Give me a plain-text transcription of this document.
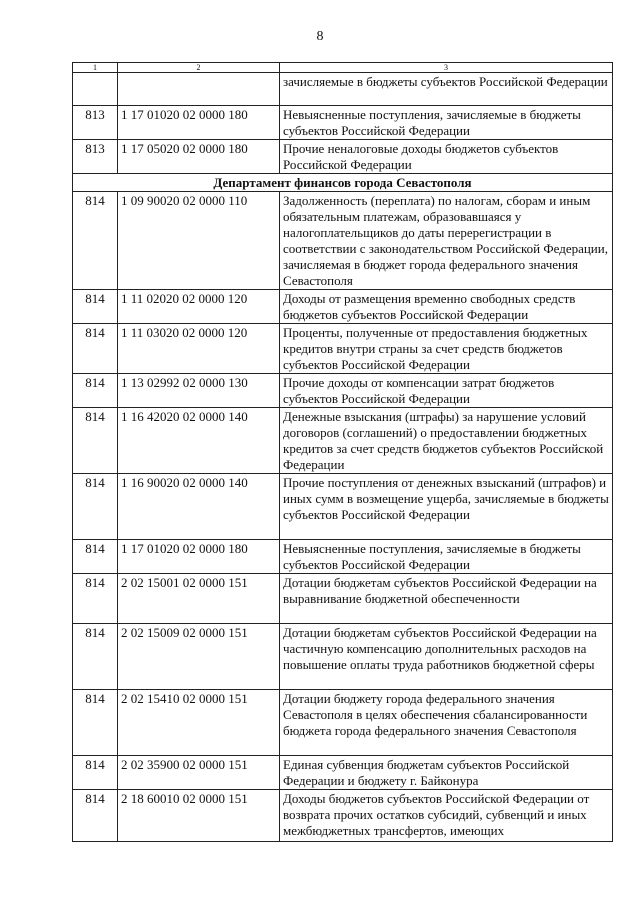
8
1	2	3
		зачисляемые в бюджеты субъектов Российской Федерации
813	1 17 01020 02 0000 180	Невыясненные поступления, зачисляемые в бюджеты субъектов Российской Федерации
813	1 17 05020 02 0000 180	Прочие неналоговые доходы бюджетов субъектов Российской Федерации
Департамент финансов города Севастополя		
814	1 09 90020 02 0000 110	Задолженность (переплата) по налогам, сборам и иным обязательным платежам, образовавшаяся у налогоплательщиков до даты перерегистрации в соответствии с законодательством Российской Федерации, зачисляемая в бюджет города федерального значения Севастополя
814	1 11 02020 02 0000 120	Доходы от размещения временно свободных средств бюджетов субъектов Российской Федерации
814	1 11 03020 02 0000 120	Проценты, полученные от предоставления бюджетных кредитов внутри страны за счет средств бюджетов субъектов Российской Федерации
814	1 13 02992 02 0000 130	Прочие доходы от компенсации затрат бюджетов субъектов Российской Федерации
814	1 16 42020 02 0000 140	Денежные взыскания (штрафы) за нарушение условий договоров (соглашений) о предоставлении бюджетных кредитов за счет средств бюджетов субъектов Российской Федерации
814	1 16 90020 02 0000 140	Прочие поступления от денежных взысканий (штрафов) и иных сумм в возмещение ущерба, зачисляемые в бюджеты субъектов Российской Федерации
814	1 17 01020 02 0000 180	Невыясненные поступления, зачисляемые в бюджеты субъектов Российской Федерации
814	2 02 15001 02 0000 151	Дотации бюджетам субъектов Российской Федерации на выравнивание бюджетной обеспеченности
814	2 02 15009 02 0000 151	Дотации бюджетам субъектов Российской Федерации на частичную компенсацию дополнительных расходов на повышение оплаты труда работников бюджетной сферы
814	2 02 15410 02 0000 151	Дотации бюджету города федерального значения Севастополя в целях обеспечения сбалансированности бюджета города федерального значения Севастополя
814	2 02 35900 02 0000 151	Единая субвенция бюджетам субъектов Российской Федерации и бюджету г. Байконура
814	2 18 60010 02 0000 151	Доходы бюджетов субъектов Российской Федерации от возврата прочих остатков субсидий, субвенций и иных межбюджетных трансфертов, имеющих
